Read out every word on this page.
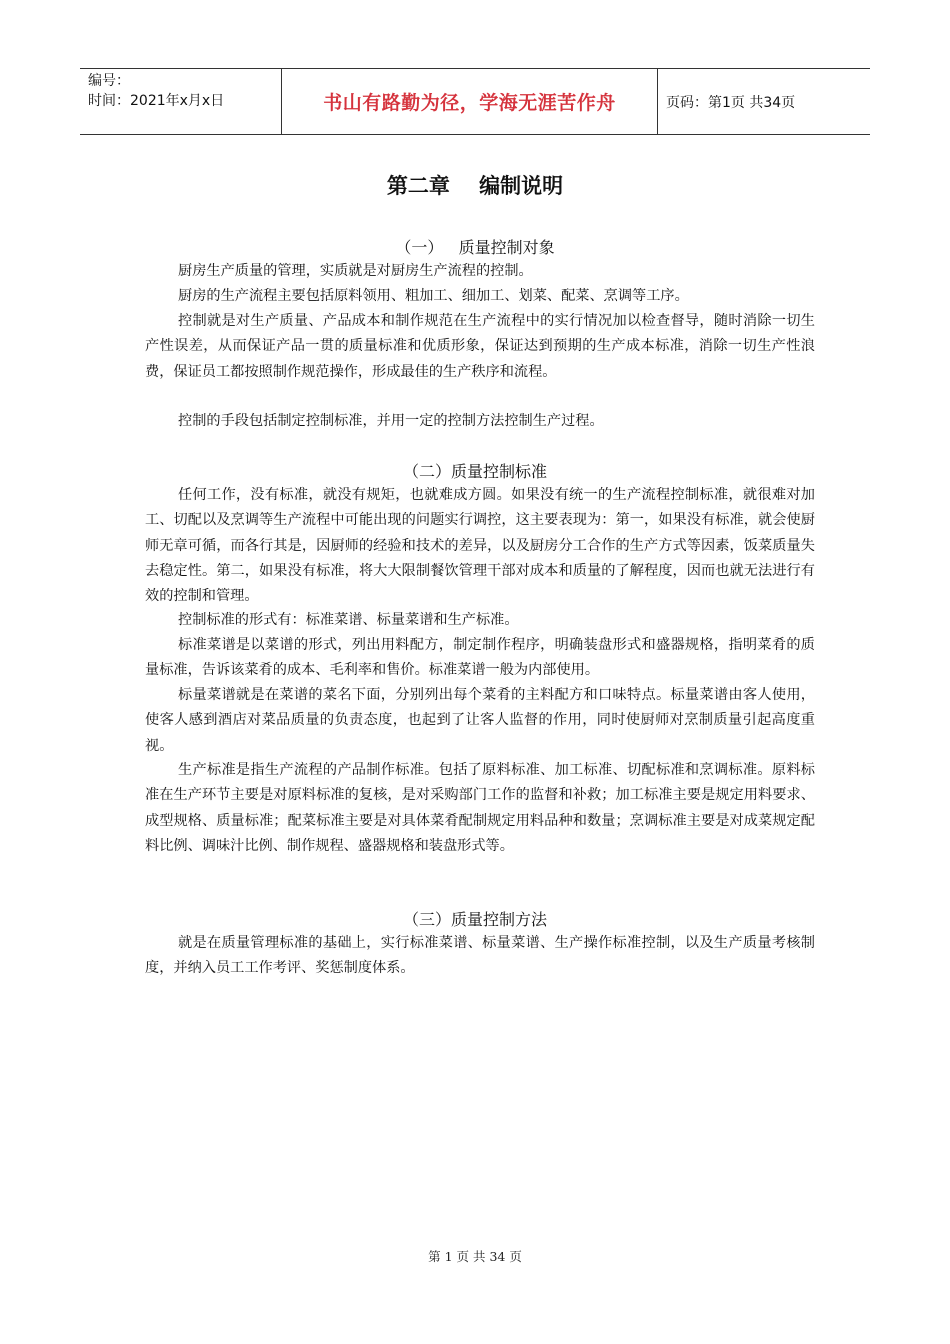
编号：
时间：2021年x月x日	书山有路勤为径，学海无涯苦作舟	页码：第1页 共34页
第二章    编制说明
（一）   质量控制对象

厨房生产质量的管理，实质就是对厨房生产流程的控制。

厨房的生产流程主要包括原料领用、粗加工、细加工、划菜、配菜、烹调等工序。

控制就是对生产质量、产品成本和制作规范在生产流程中的实行情况加以检查督导，随时消除一切生产性误差，从而保证产品一贯的质量标准和优质形象，保证达到预期的生产成本标准，消除一切生产性浪费，保证员工都按照制作规范操作，形成最佳的生产秩序和流程。

控制的手段包括制定控制标准，并用一定的控制方法控制生产过程。

（二）质量控制标准

任何工作，没有标准，就没有规矩，也就难成方圆。如果没有统一的生产流程控制标准，就很难对加工、切配以及烹调等生产流程中可能出现的问题实行调控，这主要表现为：第一，如果没有标准，就会使厨师无章可循，而各行其是，因厨师的经验和技术的差异，以及厨房分工合作的生产方式等因素，饭菜质量失去稳定性。第二，如果没有标准，将大大限制餐饮管理干部对成本和质量的了解程度，因而也就无法进行有效的控制和管理。

控制标准的形式有：标准菜谱、标量菜谱和生产标准。

标准菜谱是以菜谱的形式，列出用料配方，制定制作程序，明确装盘形式和盛器规格，指明菜肴的质量标准，告诉该菜肴的成本、毛利率和售价。标准菜谱一般为内部使用。

标量菜谱就是在菜谱的菜名下面，分别列出每个菜肴的主料配方和口味特点。标量菜谱由客人使用，使客人感到酒店对菜品质量的负责态度，也起到了让客人监督的作用，同时使厨师对烹制质量引起高度重视。

生产标准是指生产流程的产品制作标准。包括了原料标准、加工标准、切配标准和烹调标准。原料标准在生产环节主要是对原料标准的复核，是对采购部门工作的监督和补救；加工标准主要是规定用料要求、成型规格、质量标准；配菜标准主要是对具体菜肴配制规定用料品种和数量；烹调标准主要是对成菜规定配料比例、调味汁比例、制作规程、盛器规格和装盘形式等。

（三）质量控制方法

就是在质量管理标准的基础上，实行标准菜谱、标量菜谱、生产操作标准控制，以及生产质量考核制度，并纳入员工工作考评、奖惩制度体系。

第 1 页 共 34 页
